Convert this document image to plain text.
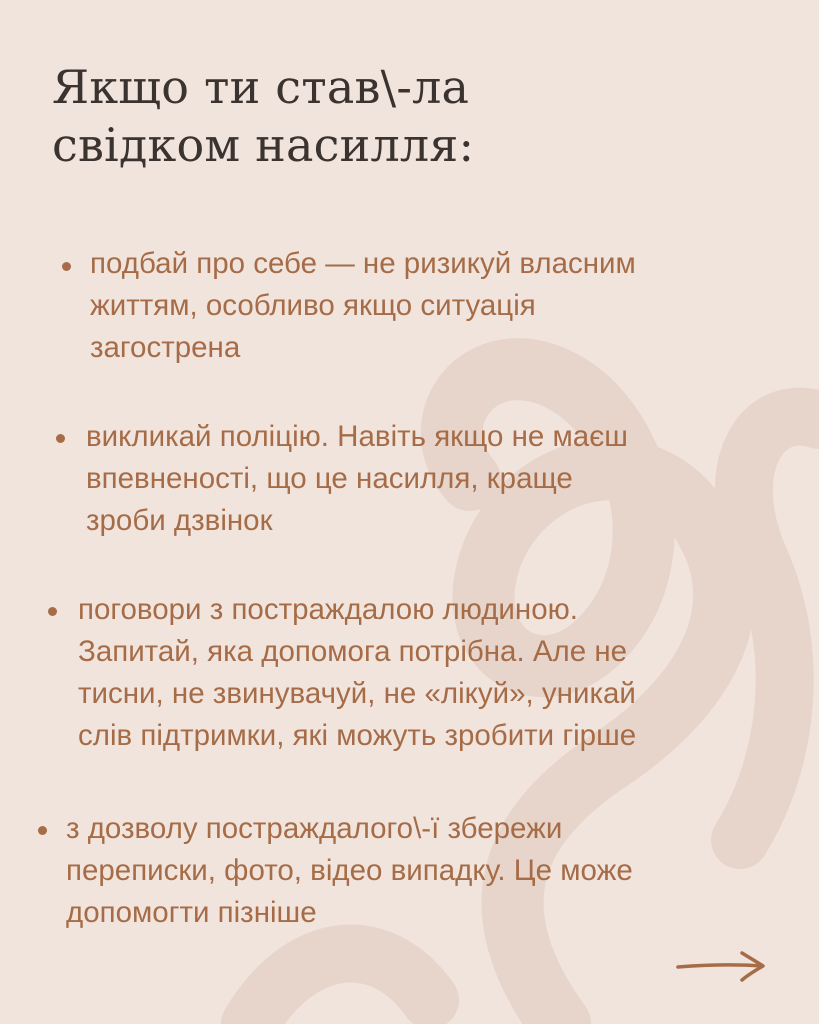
Якщо ти став\-ла
свідком насилля:
подбай про себе — не ризикуй власним
життям, особливо якщо ситуація
загострена
викликай поліцію. Навіть якщо не маєш
впевненості, що це насилля, краще
зроби дзвінок
поговори з постраждалою людиною.
Запитай, яка допомога потрібна. Але не
тисни, не звинувачуй, не «лікуй», уникай
слів підтримки, які можуть зробити гірше
з дозволу постраждалого\-ї збережи
переписки, фото, відео випадку. Це може
допомогти пізніше
